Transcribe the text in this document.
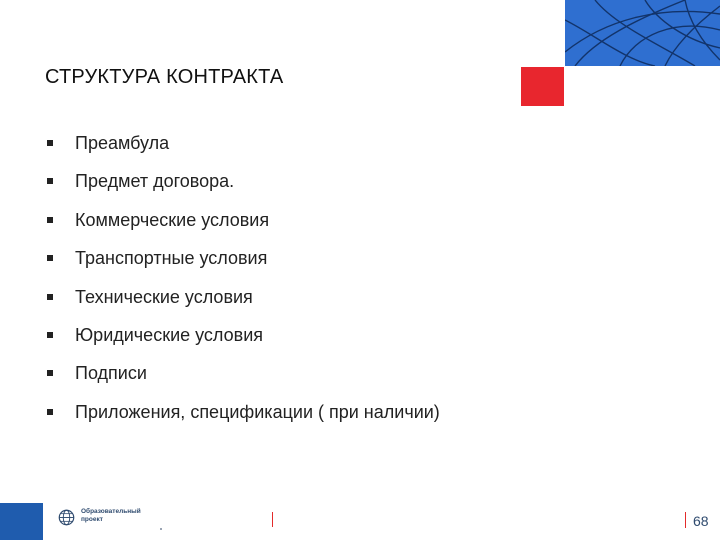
СТРУКТУРА КОНТРАКТА
Преамбула
Предмет договора.
Коммерческие условия
Транспортные условия
Технические условия
Юридические условия
Подписи
Приложения, спецификации ( при наличии)
Образовательный
проект	68
